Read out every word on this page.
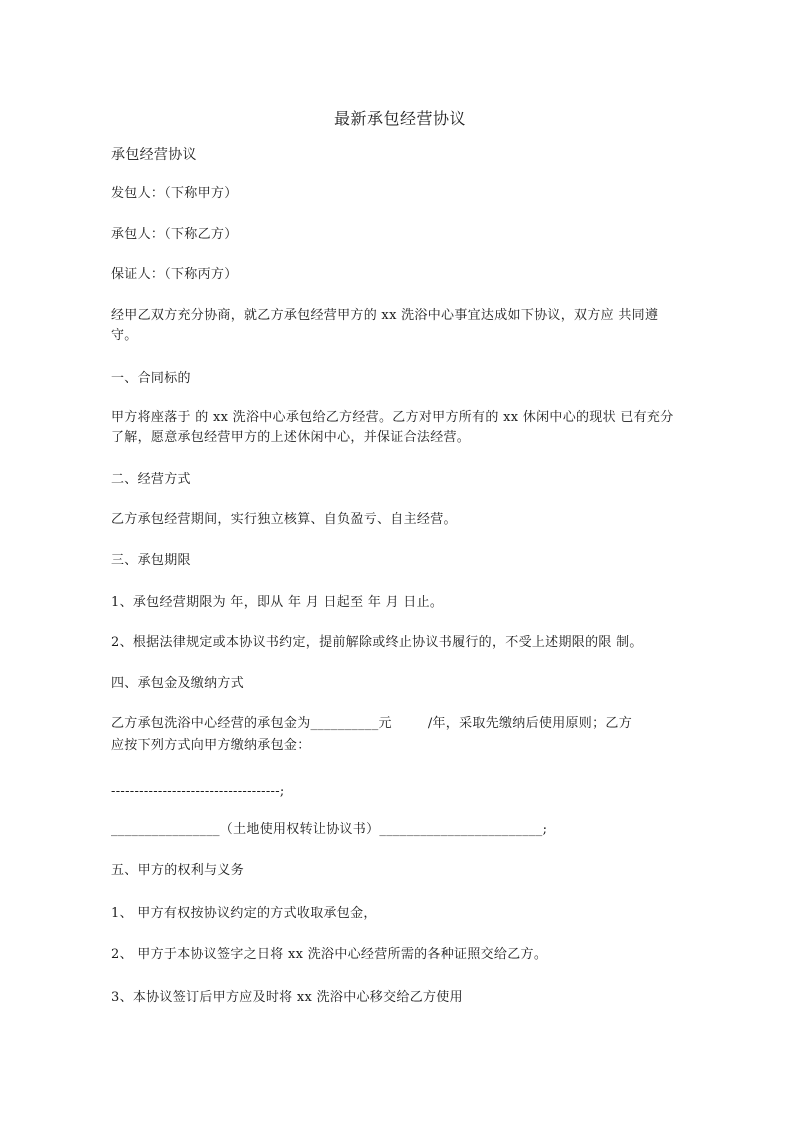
最新承包经营协议
承包经营协议
发包人：（下称甲方）
承包人：（下称乙方）
保证人：（下称丙方）
经甲乙双方充分协商，就乙方承包经营甲方的 xx 洗浴中心事宜达成如下协议，双方应 共同遵守。
一、合同标的
甲方将座落于 的 xx 洗浴中心承包给乙方经营。乙方对甲方所有的 xx 休闲中心的现状 已有充分了解，愿意承包经营甲方的上述休闲中心，并保证合法经营。
二、经营方式
乙方承包经营期间，实行独立核算、自负盈亏、自主经营。
三、承包期限
1、承包经营期限为 年，即从 年 月 日起至 年 月 日止。
2、根据法律规定或本协议书约定，提前解除或终止协议书履行的，不受上述期限的限 制。
四、承包金及缴纳方式
乙方承包洗浴中心经营的承包金为__________元	/年，采取先缴纳后使用原则；乙方
应按下列方式向甲方缴纳承包金：
------------------------------------;
________________（土地使用权转让协议书）________________________;
五、甲方的权利与义务
1、 甲方有权按协议约定的方式收取承包金，
2、 甲方于本协议签字之日将 xx 洗浴中心经营所需的各种证照交给乙方。
3、本协议签订后甲方应及时将 xx 洗浴中心移交给乙方使用
